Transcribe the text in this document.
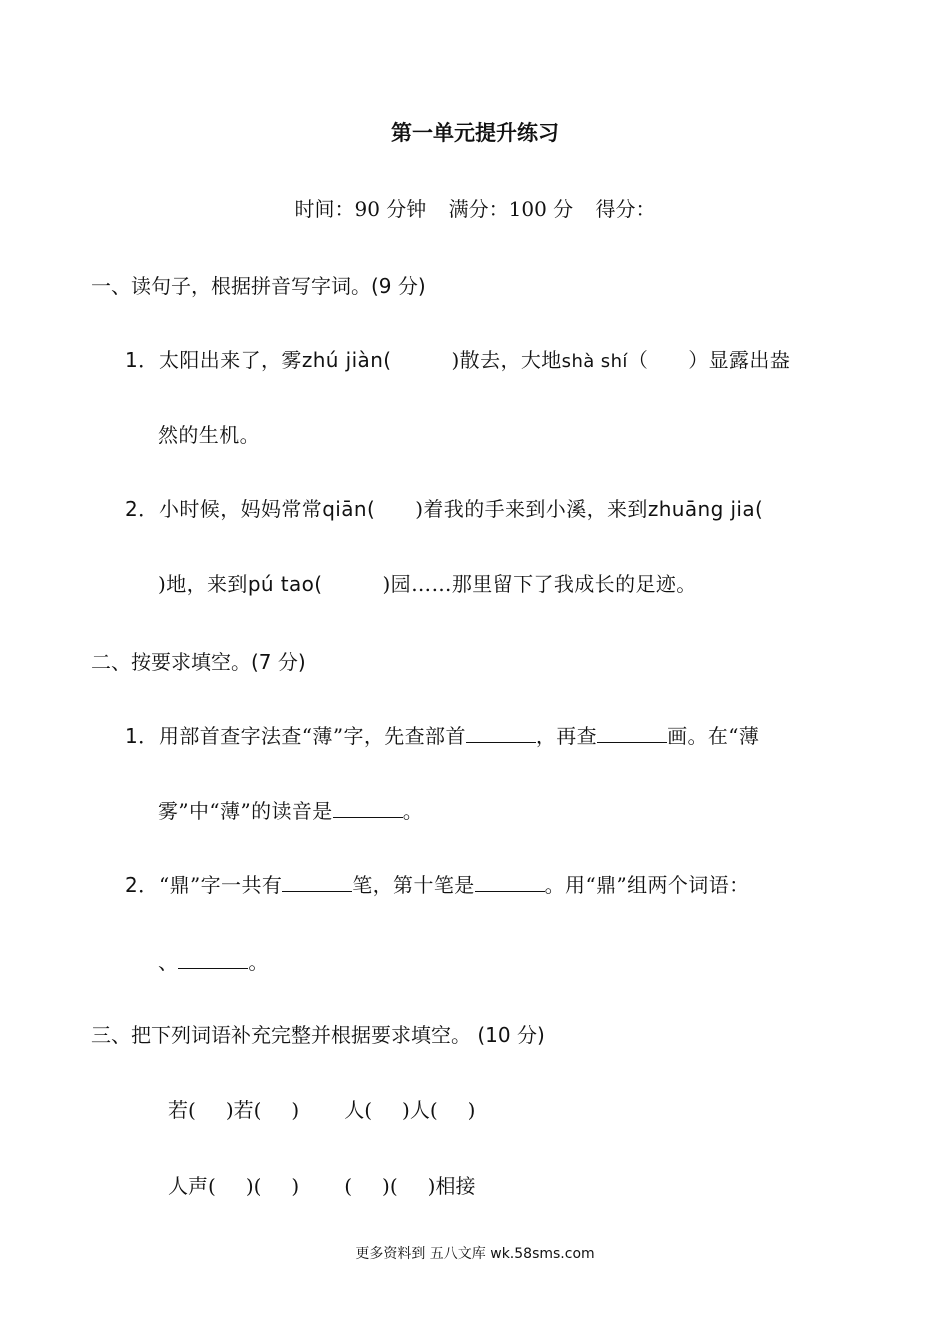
第一单元提升练习
时间：90 分钟 满分：100 分 得分：
一、读句子，根据拼音写字词。(9 分)
1．太阳出来了，雾zhú jiàn(	)散去，大地shà shí（ ）显露出盎
然的生机。
2．小时候，妈妈常常qiān( )着我的手来到小溪，来到zhuāng jia(
)地，来到pú tao(	)园……那里留下了我成长的足迹。
二、按要求填空。(7 分)
1．用部首查字法查“薄”字，先查部首	，再查	画。在“薄
雾”中“薄”的读音是	。
2．“鼎”字一共有	笔，第十笔是	。用“鼎”组两个词语：
、	。
三、把下列词语补充完整并根据要求填空。 (10 分)
若( )若( ) 人( )人( )
人声( )( ) ( )( )相接
更多资料到 五八文库 wk.58sms.com
